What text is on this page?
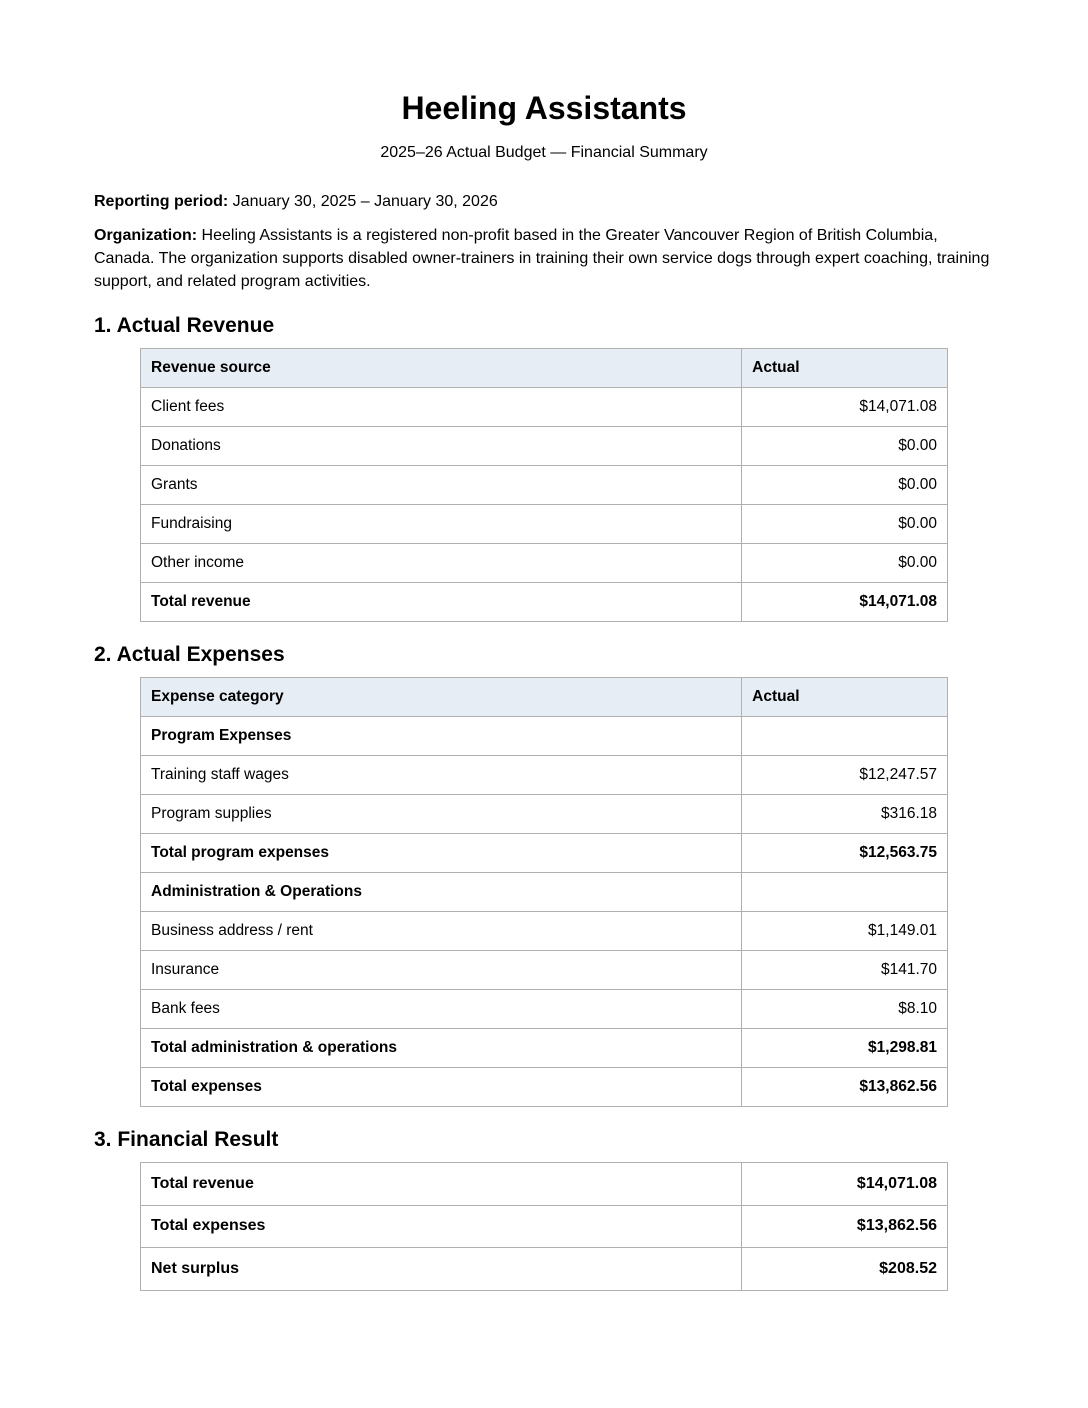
Heeling Assistants
2025–26 Actual Budget — Financial Summary

Reporting period: January 30, 2025 – January 30, 2026

Organization: Heeling Assistants is a registered non-profit based in the Greater Vancouver Region of British Columbia, Canada. The organization supports disabled owner-trainers in training their own service dogs through expert coaching, training support, and related program activities.

1. Actual Revenue
Revenue source	Actual
Client fees	$14,071.08
Donations	$0.00
Grants	$0.00
Fundraising	$0.00
Other income	$0.00
Total revenue	$14,071.08
2. Actual Expenses
Expense category	Actual
Program Expenses	
Training staff wages	$12,247.57
Program supplies	$316.18
Total program expenses	$12,563.75
Administration & Operations	
Business address / rent	$1,149.01
Insurance	$141.70
Bank fees	$8.10
Total administration & operations	$1,298.81
Total expenses	$13,862.56
3. Financial Result
Total revenue	$14,071.08
Total expenses	$13,862.56
Net surplus	$208.52
